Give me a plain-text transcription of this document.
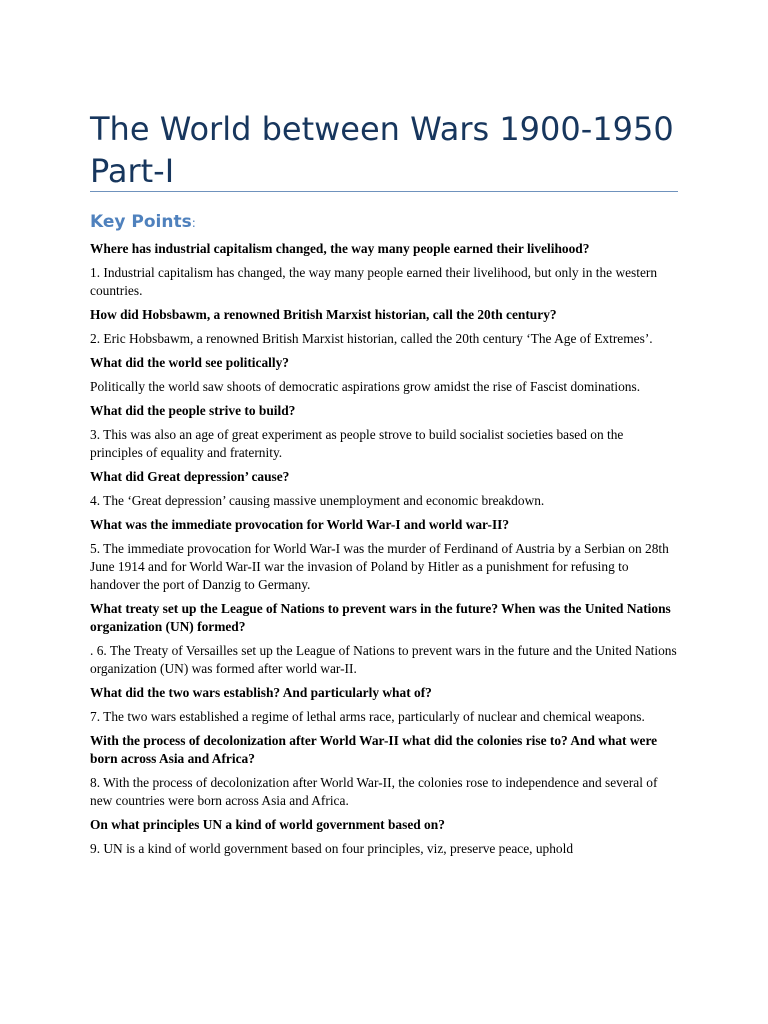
The World between Wars 1900-1950 Part-I
Key Points:

Where has industrial capitalism changed, the way many people earned their livelihood?

1. Industrial capitalism has changed, the way many people earned their livelihood, but only in the western countries.

How did Hobsbawm, a renowned British Marxist historian, call the 20th century?

2. Eric Hobsbawm, a renowned British Marxist historian, called the 20th century ‘The Age of Extremes’.

What did the world see politically?

Politically the world saw shoots of democratic aspirations grow amidst the rise of Fascist dominations.

What did the people strive to build?

3. This was also an age of great experiment as people strove to build socialist societies based on the principles of equality and fraternity.

What did Great depression’ cause?

4. The ‘Great depression’ causing massive unemployment and economic breakdown.

What was the immediate provocation for World War-I and world war-II?

5. The immediate provocation for World War-I was the murder of Ferdinand of Austria by a Serbian on 28th June 1914 and for World War-II war the invasion of Poland by Hitler as a punishment for refusing to handover the port of Danzig to Germany.

What treaty set up the League of Nations to prevent wars in the future? When was the United Nations organization (UN) formed?

. 6. The Treaty of Versailles set up the League of Nations to prevent wars in the future and the United Nations organization (UN) was formed after world war-II.

What did the two wars establish? And particularly what of?

7. The two wars established a regime of lethal arms race, particularly of nuclear and chemical weapons.

With the process of decolonization after World War-II what did the colonies rise to? And what were born across Asia and Africa?

8. With the process of decolonization after World War-II, the colonies rose to independence and several of new countries were born across Asia and Africa.

On what principles UN a kind of world government based on?

9. UN is a kind of world government based on four principles, viz, preserve peace, uphold
